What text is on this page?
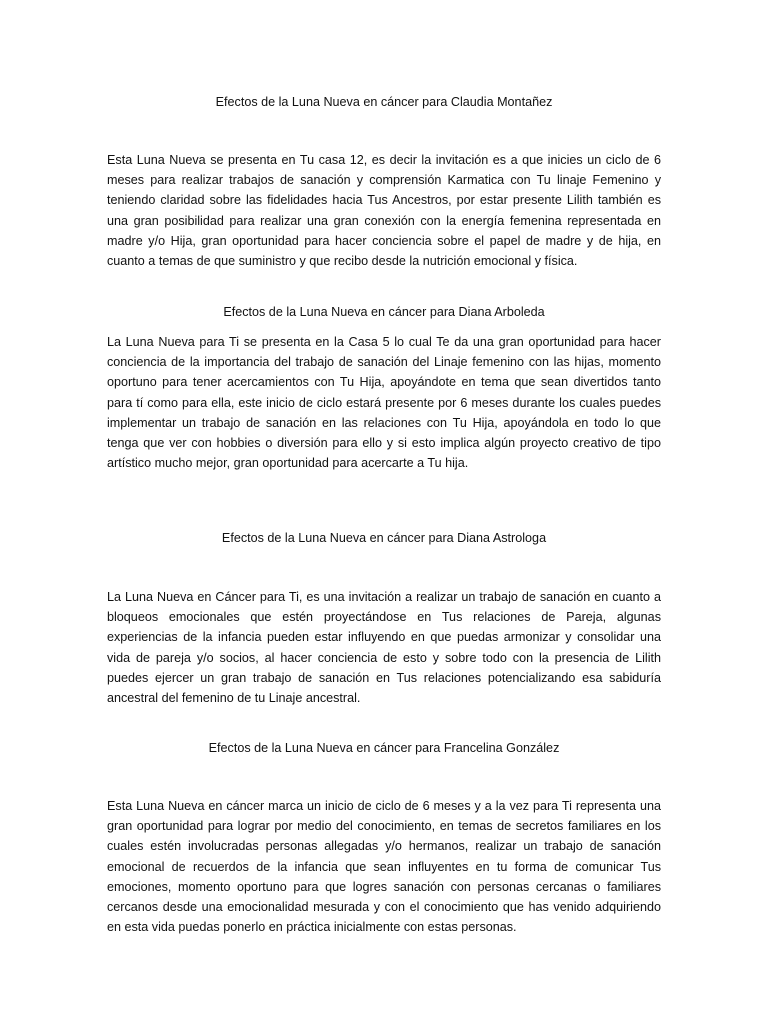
Efectos de la Luna Nueva en cáncer para Claudia Montañez

Esta Luna Nueva se presenta en Tu casa 12, es decir la invitación es a que inicies un ciclo de 6 meses para realizar trabajos de sanación y comprensión Karmatica con Tu linaje Femenino y teniendo claridad sobre las fidelidades hacia Tus Ancestros, por estar presente Lilith también es una gran posibilidad para realizar una gran conexión con la energía femenina representada en madre y/o Hija, gran oportunidad para hacer conciencia sobre el papel de madre y de hija, en cuanto a temas de que suministro y que recibo desde la nutrición emocional y física.

Efectos de la Luna Nueva en cáncer para Diana Arboleda

La Luna Nueva para Ti se presenta en la Casa 5 lo cual Te da una gran oportunidad para hacer conciencia de la importancia del trabajo de sanación del Linaje femenino con las hijas, momento oportuno para tener acercamientos con Tu Hija, apoyándote en tema que sean divertidos tanto para tí como para ella, este inicio de ciclo estará presente por 6 meses durante los cuales puedes implementar un trabajo de sanación en las relaciones con Tu Hija, apoyándola en todo lo que tenga que ver con hobbies o diversión para ello y si esto implica algún proyecto creativo de tipo artístico mucho mejor, gran oportunidad para acercarte a Tu hija.

Efectos de la Luna Nueva en cáncer para Diana Astrologa

La Luna Nueva en Cáncer para Ti, es una invitación a realizar un trabajo de sanación en cuanto a bloqueos emocionales que estén proyectándose en Tus relaciones de Pareja, algunas experiencias de la infancia pueden estar influyendo en que puedas armonizar y consolidar una vida de pareja y/o socios, al hacer conciencia de esto y sobre todo con la presencia de Lilith puedes ejercer un gran trabajo de sanación en Tus relaciones potencializando esa sabiduría ancestral del femenino de tu Linaje ancestral.

Efectos de la Luna Nueva en cáncer para Francelina González

Esta Luna Nueva en cáncer marca un inicio de ciclo de 6 meses y a la vez para Ti representa una gran oportunidad para lograr por medio del conocimiento, en temas de secretos familiares en los cuales estén involucradas personas allegadas y/o hermanos, realizar un trabajo de sanación emocional de recuerdos de la infancia que sean influyentes en tu forma de comunicar Tus emociones, momento oportuno para que logres sanación con personas cercanas o familiares cercanos desde una emocionalidad mesurada y con el conocimiento que has venido adquiriendo en esta vida puedas ponerlo en práctica inicialmente con estas personas.
